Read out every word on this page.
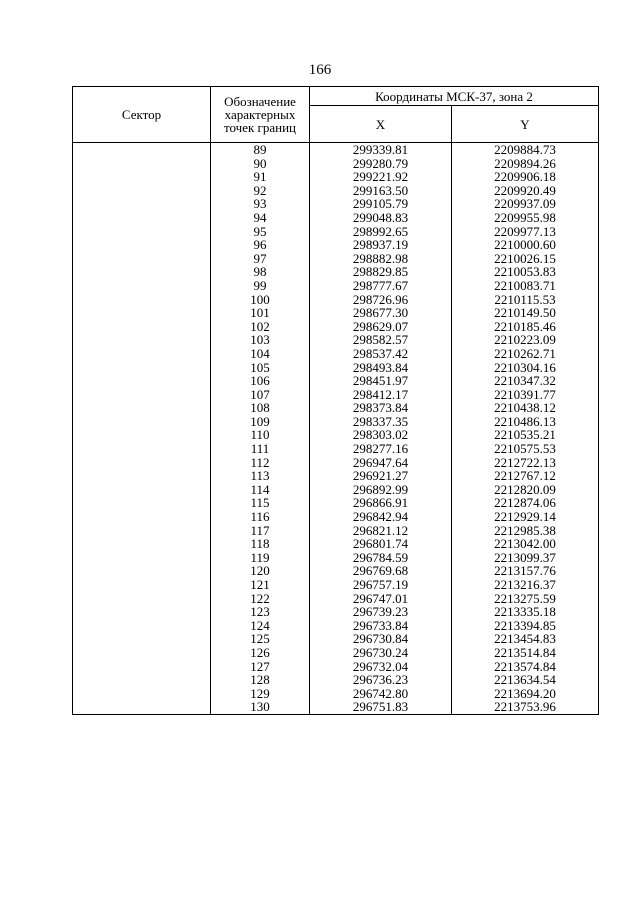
166
Сектор	Обозначение
характерных
точек границ	Координаты МСК-37, зона 2	
		X	Y
	89	299339.81	2209884.73
	90	299280.79	2209894.26
	91	299221.92	2209906.18
	92	299163.50	2209920.49
	93	299105.79	2209937.09
	94	299048.83	2209955.98
	95	298992.65	2209977.13
	96	298937.19	2210000.60
	97	298882.98	2210026.15
	98	298829.85	2210053.83
	99	298777.67	2210083.71
	100	298726.96	2210115.53
	101	298677.30	2210149.50
	102	298629.07	2210185.46
	103	298582.57	2210223.09
	104	298537.42	2210262.71
	105	298493.84	2210304.16
	106	298451.97	2210347.32
	107	298412.17	2210391.77
	108	298373.84	2210438.12
	109	298337.35	2210486.13
	110	298303.02	2210535.21
	111	298277.16	2210575.53
	112	296947.64	2212722.13
	113	296921.27	2212767.12
	114	296892.99	2212820.09
	115	296866.91	2212874.06
	116	296842.94	2212929.14
	117	296821.12	2212985.38
	118	296801.74	2213042.00
	119	296784.59	2213099.37
	120	296769.68	2213157.76
	121	296757.19	2213216.37
	122	296747.01	2213275.59
	123	296739.23	2213335.18
	124	296733.84	2213394.85
	125	296730.84	2213454.83
	126	296730.24	2213514.84
	127	296732.04	2213574.84
	128	296736.23	2213634.54
	129	296742.80	2213694.20
	130	296751.83	2213753.96
